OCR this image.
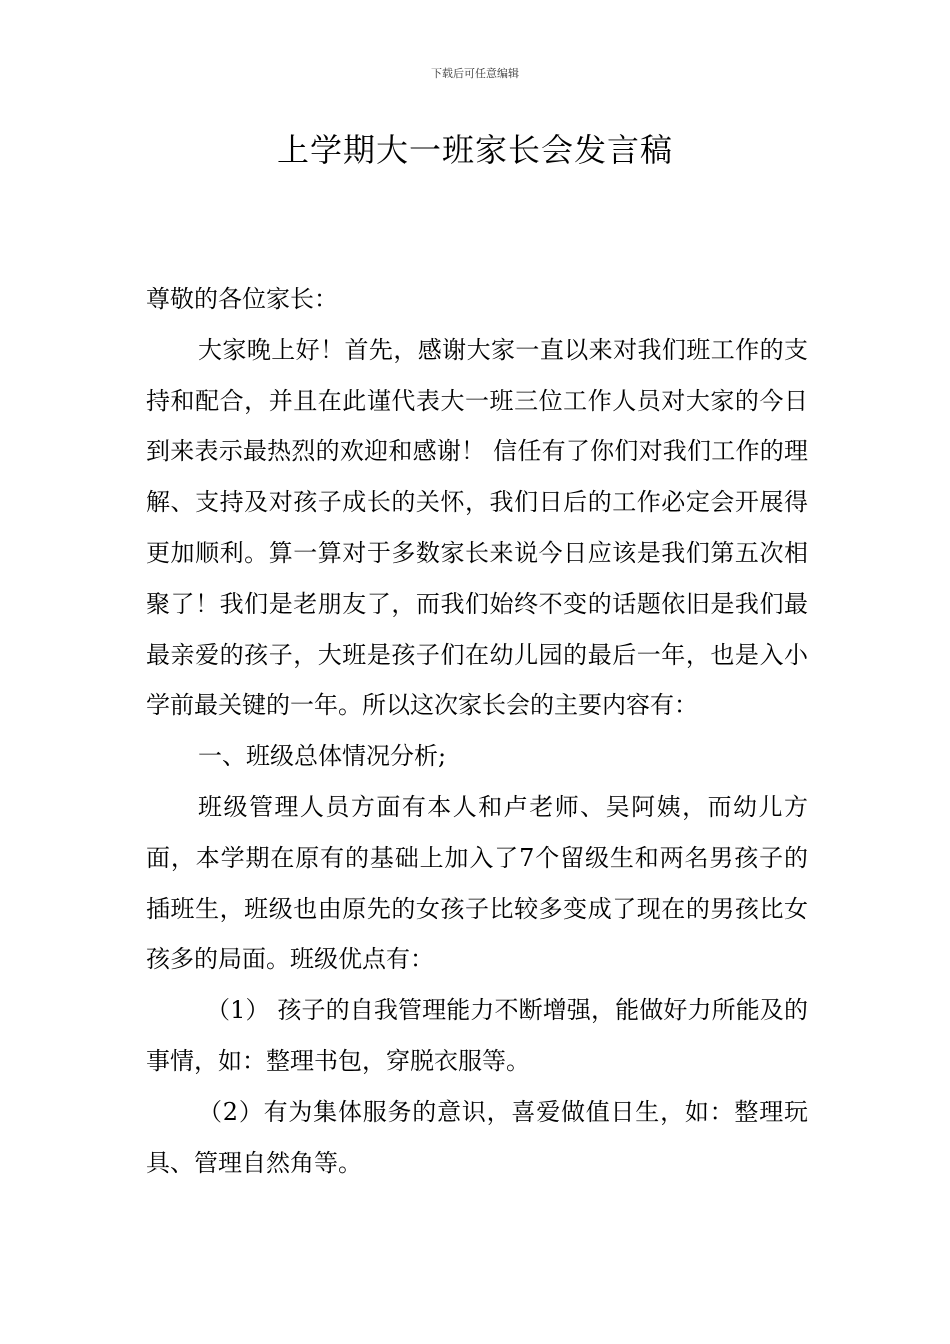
下载后可任意编辑
上学期大一班家长会发言稿

尊敬的各位家长：

大家晚上好！首先，感谢大家一直以来对我们班工作的支持和配合，并且在此谨代表大一班三位工作人员对大家的今日到来表示最热烈的欢迎和感谢！ 信任有了你们对我们工作的理解、支持及对孩子成长的关怀，我们日后的工作必定会开展得更加顺利。算一算对于多数家长来说今日应该是我们第五次相聚了！我们是老朋友了，而我们始终不变的话题依旧是我们最最亲爱的孩子，大班是孩子们在幼儿园的最后一年，也是入小学前最关键的一年。所以这次家长会的主要内容有：

一、班级总体情况分析;

班级管理人员方面有本人和卢老师、吴阿姨，而幼儿方面，本学期在原有的基础上加入了7个留级生和两名男孩子的插班生，班级也由原先的女孩子比较多变成了现在的男孩比女孩多的局面。班级优点有：

（1） 孩子的自我管理能力不断增强，能做好力所能及的事情，如：整理书包，穿脱衣服等。

（2）有为集体服务的意识，喜爱做值日生，如：整理玩具、管理自然角等。
